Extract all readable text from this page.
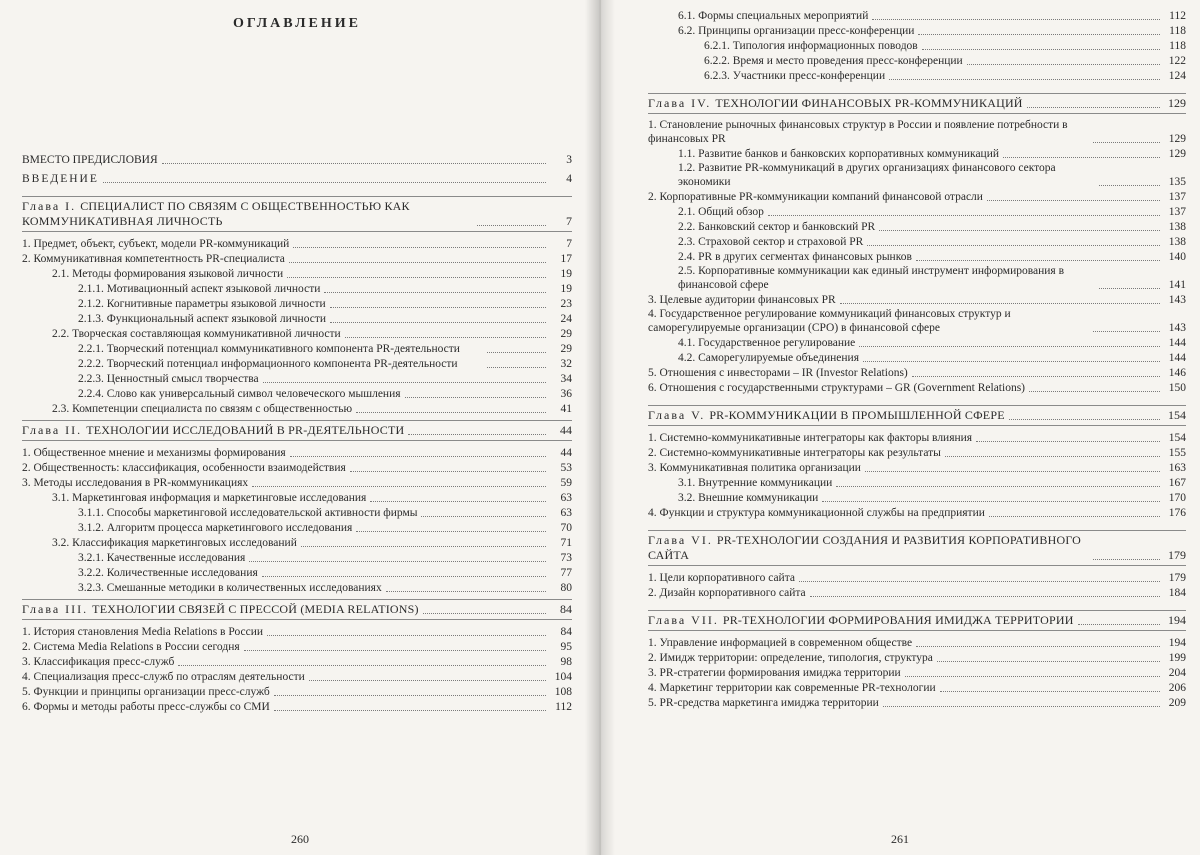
ОГЛАВЛЕНИЕ
ВМЕСТО ПРЕДИСЛОВИЯ	3
ВВЕДЕНИЕ	4
Глава I. СПЕЦИАЛИСТ ПО СВЯЗЯМ С ОБЩЕСТВЕННОСТЬЮ КАК КОММУНИКАТИВНАЯ ЛИЧНОСТЬ	7
1. Предмет, объект, субъект, модели PR-коммуникаций	7
2. Коммуникативная компетентность PR-специалиста	17
2.1. Методы формирования языковой личности	19
2.1.1. Мотивационный аспект языковой личности	19
2.1.2. Когнитивные параметры языковой личности	23
2.1.3. Функциональный аспект языковой личности	24
2.2. Творческая составляющая коммуникативной личности	29
2.2.1. Творческий потенциал коммуникативного компонента PR-деятельности	29
2.2.2. Творческий потенциал информационного компонента PR-деятельности	32
2.2.3. Ценностный смысл творчества	34
2.2.4. Слово как универсальный символ человеческого мышления	36
2.3. Компетенции специалиста по связям с общественностью	41
Глава II. ТЕХНОЛОГИИ ИССЛЕДОВАНИЙ В PR-ДЕЯТЕЛЬНОСТИ	44
1. Общественное мнение и механизмы формирования	44
2. Общественность: классификация, особенности взаимодействия	53
3. Методы исследования в PR-коммуникациях	59
3.1. Маркетинговая информация и маркетинговые исследования	63
3.1.1. Способы маркетинговой исследовательской активности фирмы	63
3.1.2. Алгоритм процесса маркетингового исследования	70
3.2. Классификация маркетинговых исследований	71
3.2.1. Качественные исследования	73
3.2.2. Количественные исследования	77
3.2.3. Смешанные методики в количественных исследованиях	80
Глава III. ТЕХНОЛОГИИ СВЯЗЕЙ С ПРЕССОЙ (MEDIA RELATIONS)	84
1. История становления Media Relations в России	84
2. Система Media Relations в России сегодня	95
3. Классификация пресс-служб	98
4. Специализация пресс-служб по отраслям деятельности	104
5. Функции и принципы организации пресс-служб	108
6. Формы и методы работы пресс-службы со СМИ	112
260
6.1. Формы специальных мероприятий	112
6.2. Принципы организации пресс-конференции	118
6.2.1. Типология информационных поводов	118
6.2.2. Время и место проведения пресс-конференции	122
6.2.3. Участники пресс-конференции	124
Глава IV. ТЕХНОЛОГИИ ФИНАНСОВЫХ PR-КОММУНИКАЦИЙ	129
1. Становление рыночных финансовых структур в России и появление потребности в финансовых PR	129
1.1. Развитие банков и банковских корпоративных коммуникаций	129
1.2. Развитие PR-коммуникаций в других организациях финансового сектора экономики	135
2. Корпоративные PR-коммуникации компаний финансовой отрасли	137
2.1. Общий обзор	137
2.2. Банковский сектор и банковский PR	138
2.3. Страховой сектор и страховой PR	138
2.4. PR в других сегментах финансовых рынков	140
2.5. Корпоративные коммуникации как единый инструмент информирования в финансовой сфере	141
3. Целевые аудитории финансовых PR	143
4. Государственное регулирование коммуникаций финансовых структур и саморегулируемые организации (СРО) в финансовой сфере	143
4.1. Государственное регулирование	144
4.2. Саморегулируемые объединения	144
5. Отношения с инвесторами – IR (Investor Relations)	146
6. Отношения с государственными структурами – GR (Government Relations)	150
Глава V. PR-КОММУНИКАЦИИ В ПРОМЫШЛЕННОЙ СФЕРЕ	154
1. Системно-коммуникативные интеграторы как факторы влияния	154
2. Системно-коммуникативные интеграторы как результаты	155
3. Коммуникативная политика организации	163
3.1. Внутренние коммуникации	167
3.2. Внешние коммуникации	170
4. Функции и структура коммуникационной службы на предприятии	176
Глава VI. PR-ТЕХНОЛОГИИ СОЗДАНИЯ И РАЗВИТИЯ КОРПОРАТИВНОГО САЙТА	179
1. Цели корпоративного сайта	179
2. Дизайн корпоративного сайта	184
Глава VII. PR-ТЕХНОЛОГИИ ФОРМИРОВАНИЯ ИМИДЖА ТЕРРИТОРИИ	194
1. Управление информацией в современном обществе	194
2. Имидж территории: определение, типология, структура	199
3. PR-стратегии формирования имиджа территории	204
4. Маркетинг территории как современные PR-технологии	206
5. PR-средства маркетинга имиджа территории	209
261
